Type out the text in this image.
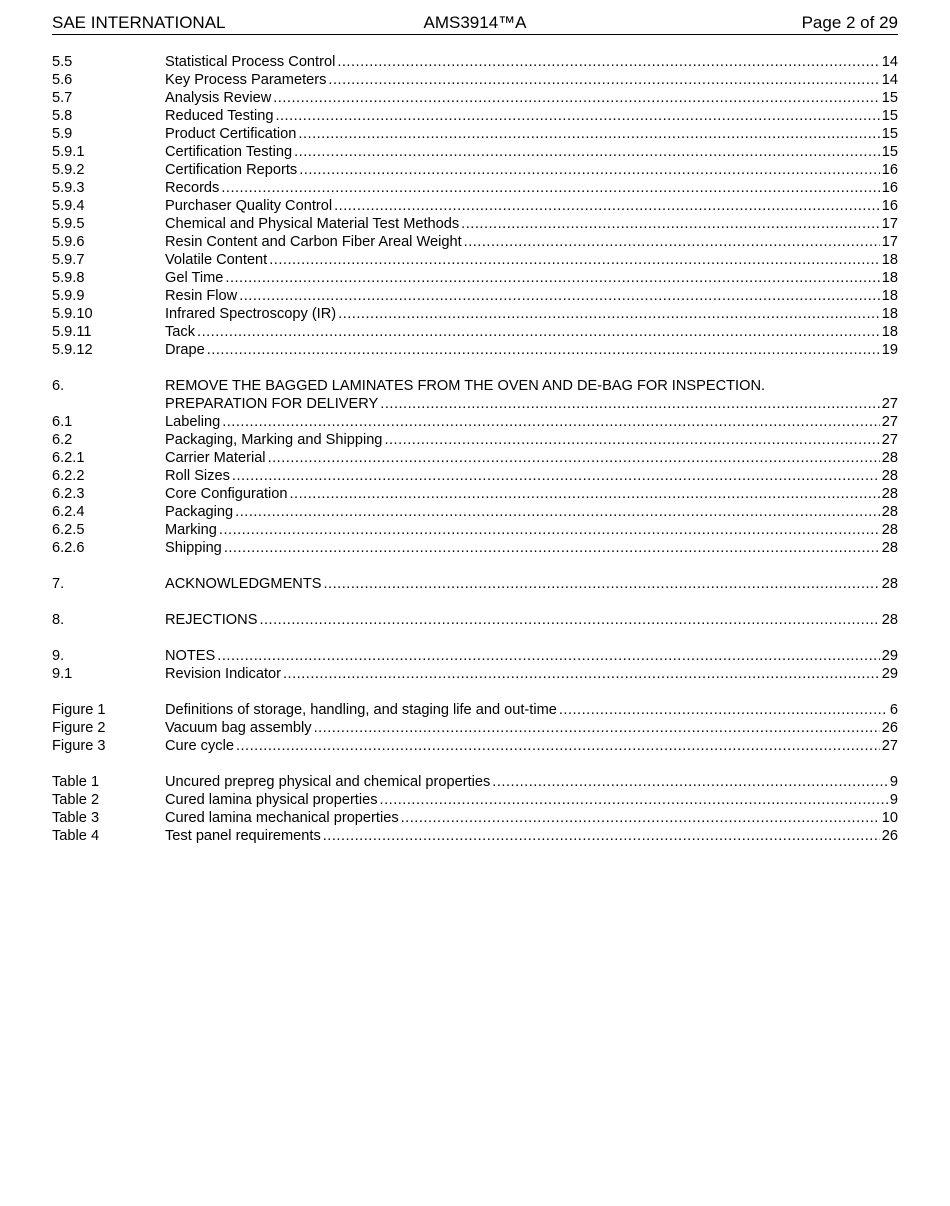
SAE INTERNATIONAL	AMS3914™A	Page 2 of 29
5.5	Statistical Process Control .....	14
5.6	Key Process Parameters .....	14
5.7	Analysis Review .....	15
5.8	Reduced Testing .....	15
5.9	Product Certification .....	15
5.9.1	Certification Testing .....	15
5.9.2	Certification Reports .....	16
5.9.3	Records .....	16
5.9.4	Purchaser Quality Control .....	16
5.9.5	Chemical and Physical Material Test Methods .....	17
5.9.6	Resin Content and Carbon Fiber Areal Weight .....	17
5.9.7	Volatile Content .....	18
5.9.8	Gel Time .....	18
5.9.9	Resin Flow .....	18
5.9.10	Infrared Spectroscopy (IR) .....	18
5.9.11	Tack .....	18
5.9.12	Drape .....	19
6.	REMOVE THE BAGGED LAMINATES FROM THE OVEN AND DE-BAG FOR INSPECTION.
PREPARATION FOR DELIVERY .....	27
6.1	Labeling .....	27
6.2	Packaging, Marking and Shipping .....	27
6.2.1	Carrier Material .....	28
6.2.2	Roll Sizes .....	28
6.2.3	Core Configuration .....	28
6.2.4	Packaging .....	28
6.2.5	Marking .....	28
6.2.6	Shipping .....	28
7.	ACKNOWLEDGMENTS .....	28
8.	REJECTIONS .....	28
9.	NOTES .....	29
9.1	Revision Indicator .....	29
Figure 1	Definitions of storage, handling, and staging life and out-time .....	6
Figure 2	Vacuum bag assembly .....	26
Figure 3	Cure cycle .....	27
Table 1	Uncured prepreg physical and chemical properties .....	9
Table 2	Cured lamina physical properties .....	9
Table 3	Cured lamina mechanical properties .....	10
Table 4	Test panel requirements .....	26
